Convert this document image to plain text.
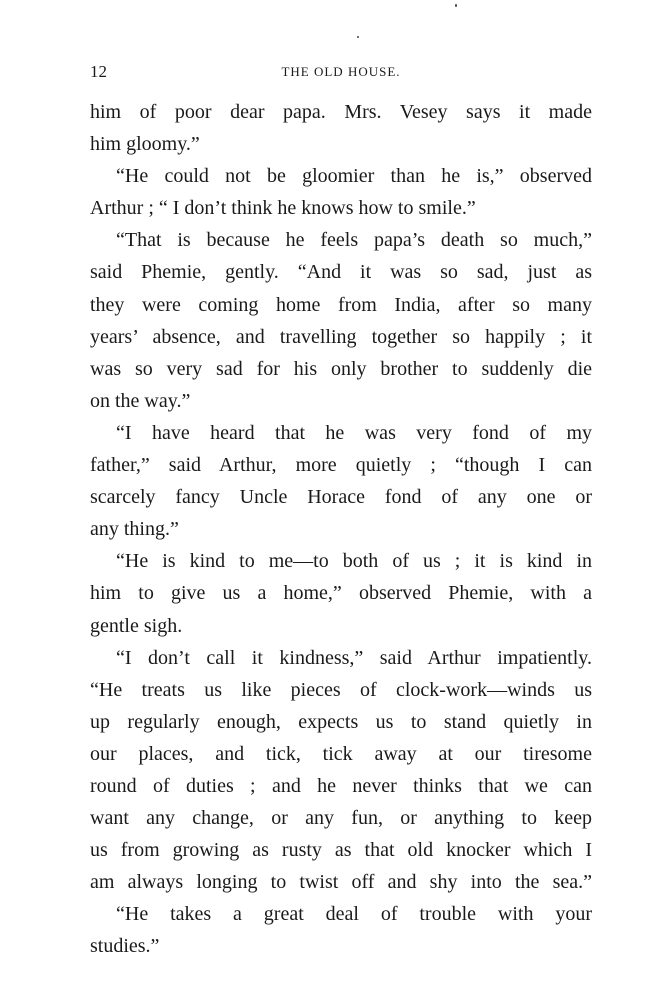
12	THE OLD HOUSE.
him of poor dear papa. Mrs. Vesey says it made
him gloomy.”
“He could not be gloomier than he is,” observed
Arthur ; “ I don’t think he knows how to smile.”
“That is because he feels papa’s death so much,”
said Phemie, gently. “And it was so sad, just as
they were coming home from India, after so many
years’ absence, and travelling together so happily ; it
was so very sad for his only brother to suddenly die
on the way.”
“I have heard that he was very fond of my
father,” said Arthur, more quietly ; “though I can
scarcely fancy Uncle Horace fond of any one or
any thing.”
“He is kind to me—to both of us ; it is kind in
him to give us a home,” observed Phemie, with a
gentle sigh.
“I don’t call it kindness,” said Arthur impatiently.
“He treats us like pieces of clock-work—winds us
up regularly enough, expects us to stand quietly in
our places, and tick, tick away at our tiresome
round of duties ; and he never thinks that we can
want any change, or any fun, or anything to keep
us from growing as rusty as that old knocker which I
am always longing to twist off and shy into the sea.”
“He takes a great deal of trouble with your
studies.”
